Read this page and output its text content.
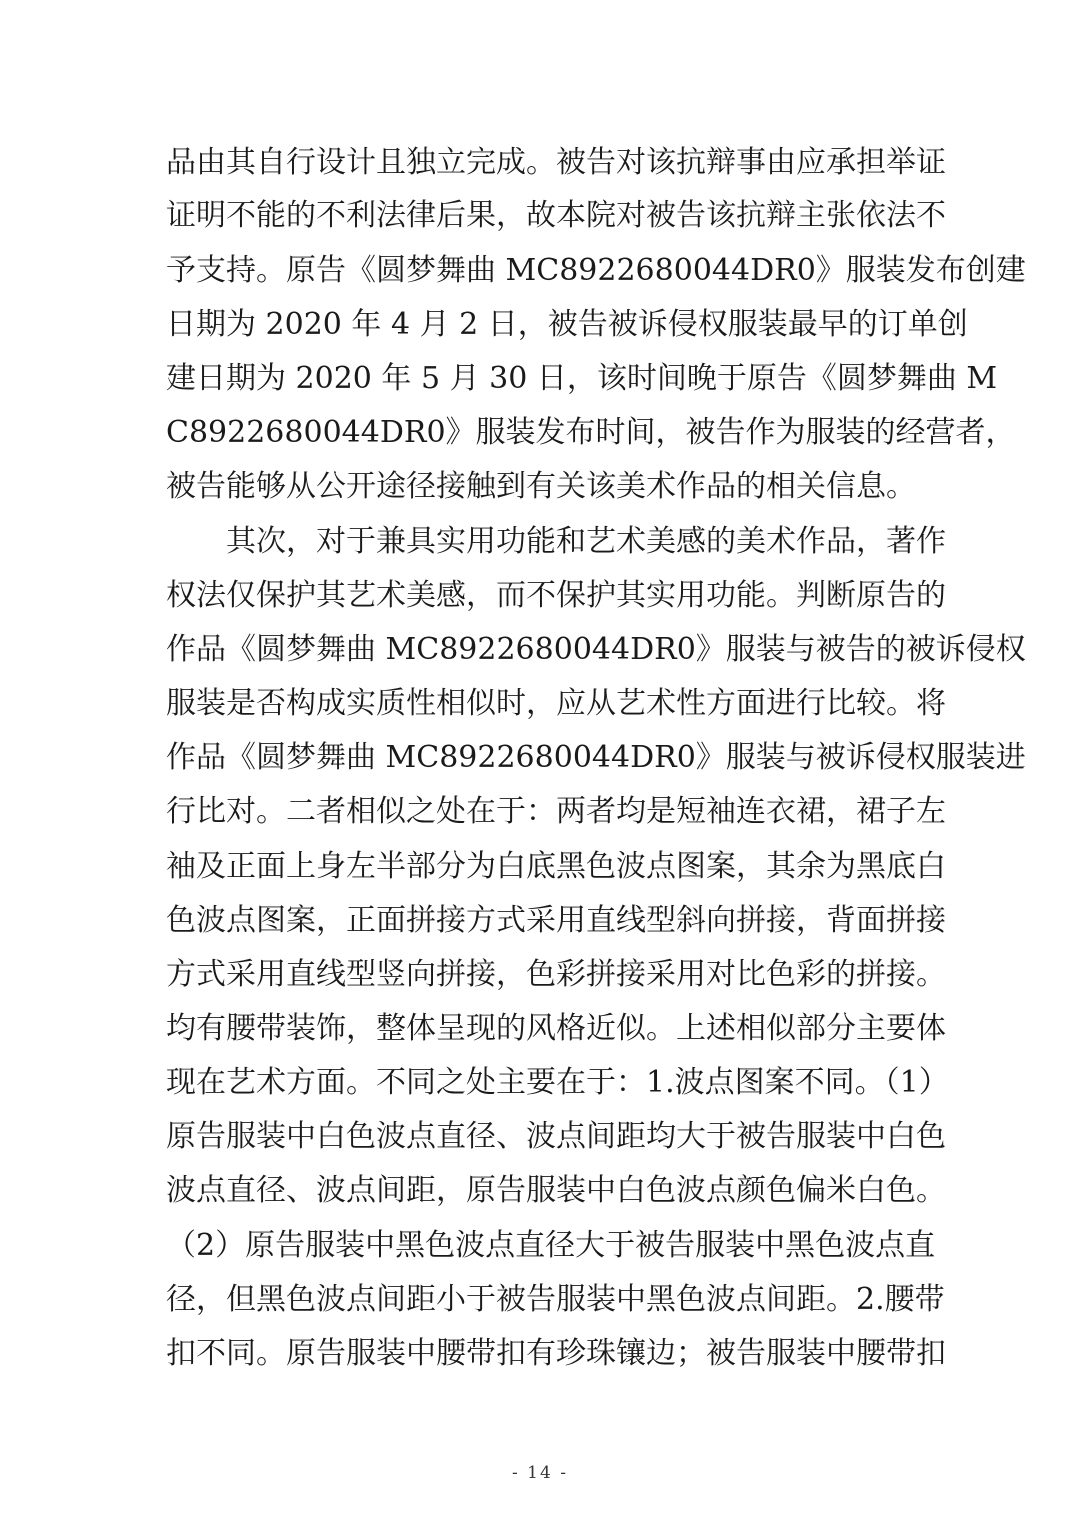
品由其自行设计且独立完成。被告对该抗辩事由应承担举证
证明不能的不利法律后果，故本院对被告该抗辩主张依法不
予支持。原告《圆梦舞曲 MC8922680044DR0》服装发布创建
日期为 2020 年 4 月 2 日，被告被诉侵权服装最早的订单创
建日期为 2020 年 5 月 30 日，该时间晚于原告《圆梦舞曲 M
C8922680044DR0》服装发布时间，被告作为服装的经营者，
被告能够从公开途径接触到有关该美术作品的相关信息。
其次，对于兼具实用功能和艺术美感的美术作品，著作
权法仅保护其艺术美感，而不保护其实用功能。判断原告的
作品《圆梦舞曲 MC8922680044DR0》服装与被告的被诉侵权
服装是否构成实质性相似时，应从艺术性方面进行比较。将
作品《圆梦舞曲 MC8922680044DR0》服装与被诉侵权服装进
行比对。二者相似之处在于：两者均是短袖连衣裙，裙子左
袖及正面上身左半部分为白底黑色波点图案，其余为黑底白
色波点图案，正面拼接方式采用直线型斜向拼接，背面拼接
方式采用直线型竖向拼接，色彩拼接采用对比色彩的拼接。
均有腰带装饰，整体呈现的风格近似。上述相似部分主要体
现在艺术方面。不同之处主要在于：1.波点图案不同。（1）
原告服装中白色波点直径、波点间距均大于被告服装中白色
波点直径、波点间距，原告服装中白色波点颜色偏米白色。
（2）原告服装中黑色波点直径大于被告服装中黑色波点直
径，但黑色波点间距小于被告服装中黑色波点间距。2.腰带
扣不同。原告服装中腰带扣有珍珠镶边；被告服装中腰带扣
- 14 -
